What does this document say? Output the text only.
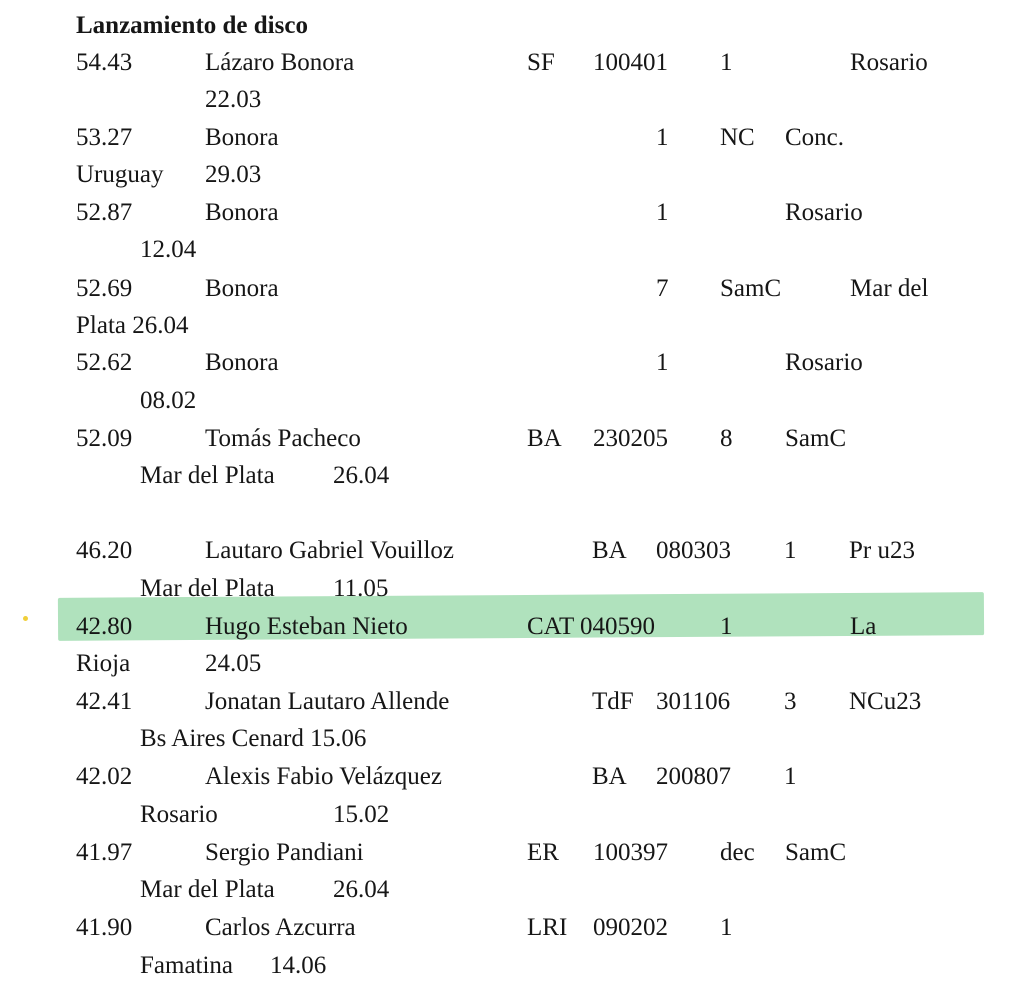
Lanzamiento de disco
54.43	Lázaro Bonora	SF 100401 1	Rosario
22.03
53.27	Bonora	1 NC Conc.
Uruguay 29.03
52.87	Bonora	1	Rosario
12.04
52.69	Bonora	7 SamC	Mar del
Plata 26.04
52.62	Bonora	1	Rosario
08.02
52.09	Tomás Pacheco	BA 230205 8 SamC
Mar del Plata 26.04
46.20	Lautaro Gabriel Vouilloz	BA 080303 1 Pr u23
Mar del Plata 11.05
42.80	Hugo Esteban Nieto	CAT 040590	1	La
Rioja	24.05
42.41	Jonatan Lautaro Allende	TdF 301106 3 NCu23
Bs Aires Cenard 15.06
42.02	Alexis Fabio Velázquez	BA 200807 1
Rosario	15.02
41.97	Sergio Pandiani	ER 100397 dec SamC
Mar del Plata 26.04
41.90	Carlos Azcurra	LRI 090202 1
Famatina 14.06
